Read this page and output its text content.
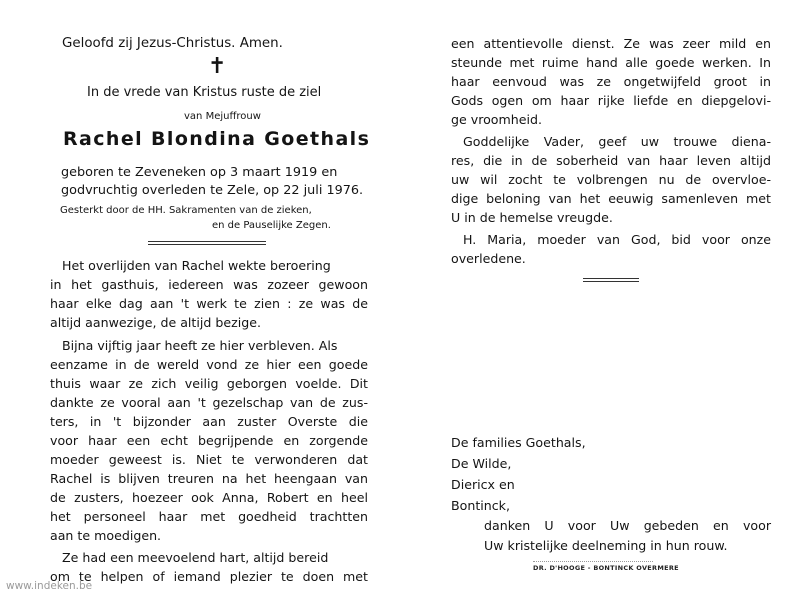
Geloofd zij Jezus-Christus. Amen.
✝
In de vrede van Kristus ruste de ziel
van Mejuffrouw
Rachel Blondina Goethals
geboren te Zeveneken op 3 maart 1919 en
godvruchtig overleden te Zele, op 22 juli 1976.
Gesterkt door de HH. Sakramenten van de zieken,
en de Pauselijke Zegen.
Het overlijden van Rachel wekte beroering
in het gasthuis, iedereen was zozeer gewoon
haar elke dag aan 't werk te zien : ze was de
altijd aanwezige, de altijd bezige.
Bijna vijftig jaar heeft ze hier verbleven. Als
eenzame in de wereld vond ze hier een goede
thuis waar ze zich veilig geborgen voelde. Dit
dankte ze vooral aan 't gezelschap van de zus-
ters, in 't bijzonder aan zuster Overste die
voor haar een echt begrijpende en zorgende
moeder geweest is. Niet te verwonderen dat
Rachel is blijven treuren na het heengaan van
de zusters, hoezeer ook Anna, Robert en heel
het personeel haar met goedheid trachtten
aan te moedigen.
Ze had een meevoelend hart, altijd bereid
om te helpen of iemand plezier te doen met
een attentievolle dienst. Ze was zeer mild en
steunde met ruime hand alle goede werken. In
haar eenvoud was ze ongetwijfeld groot in
Gods ogen om haar rijke liefde en diepgelovi-
ge vroomheid.
Goddelijke Vader, geef uw trouwe diena-
res, die in de soberheid van haar leven altijd
uw wil zocht te volbrengen nu de overvloe-
dige beloning van het eeuwig samenleven met
U in de hemelse vreugde.
H. Maria, moeder van God, bid voor onze
overledene.
De families Goethals,
De Wilde,
Diericx en
Bontinck,
danken U voor Uw gebeden en voor
Uw kristelijke deelneming in hun rouw.
DR. D'HOOGE - BONTINCK OVERMERE
www.indeken.be
